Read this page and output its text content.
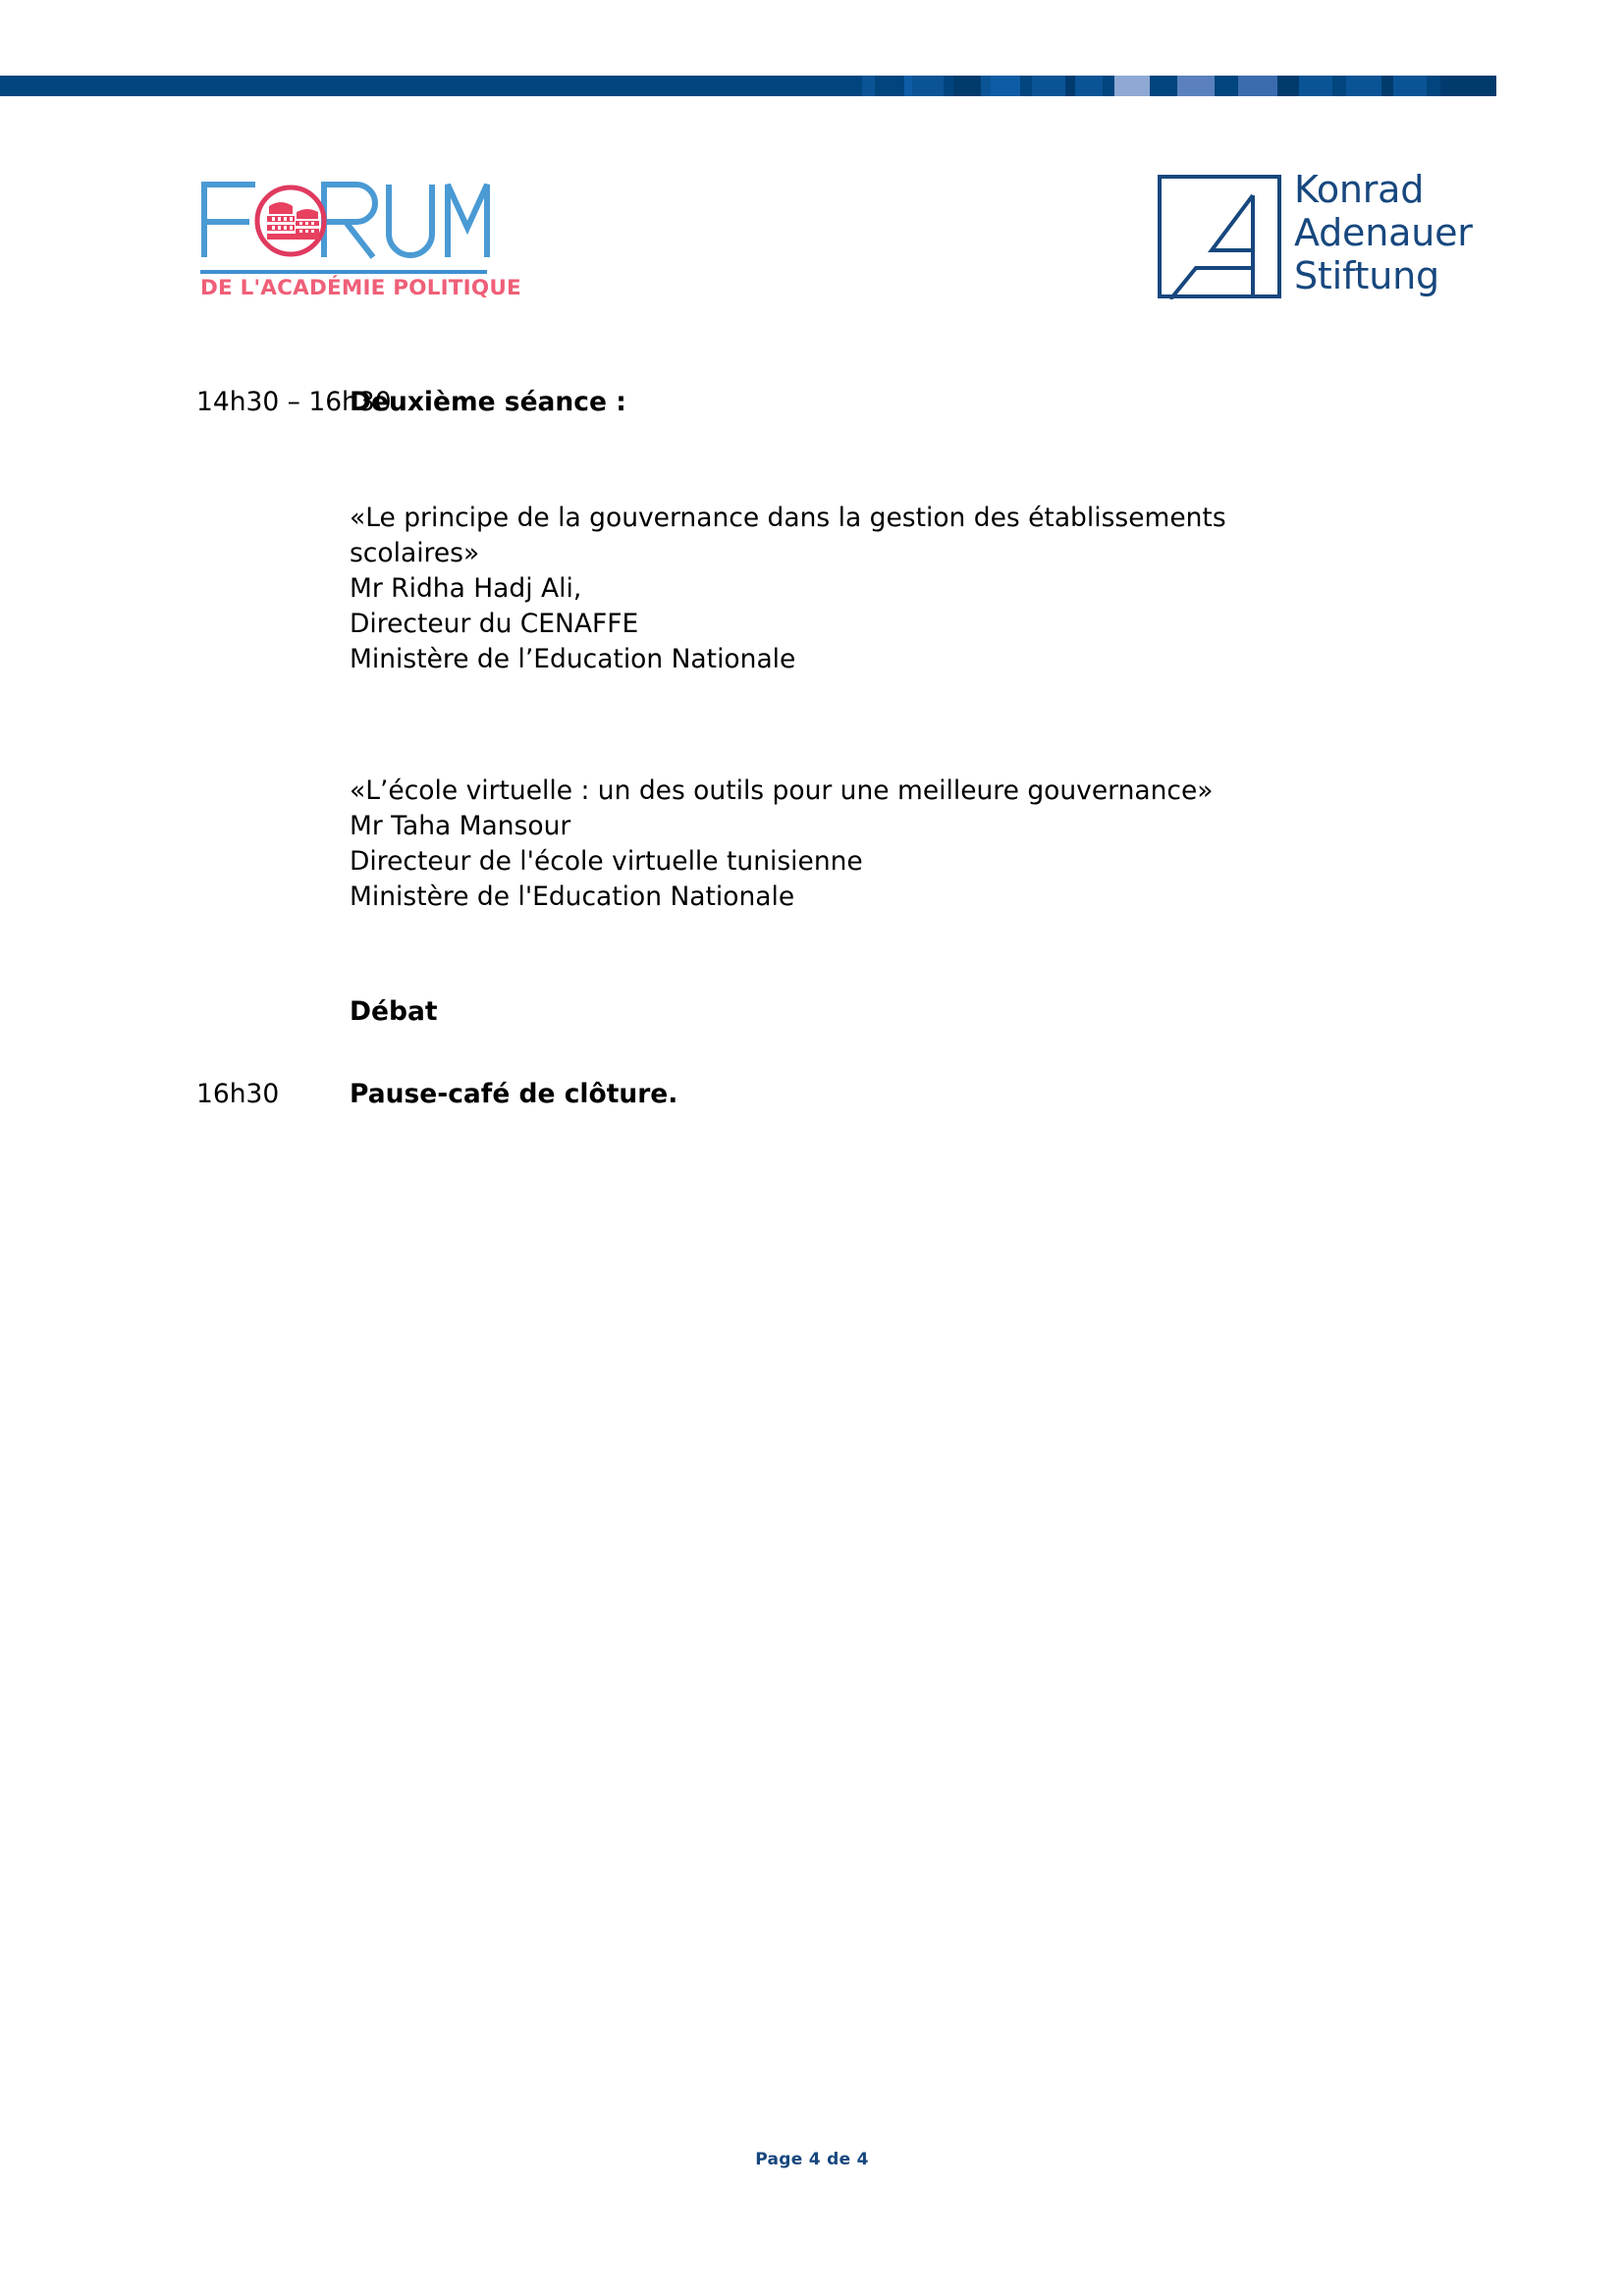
DE L'ACADÉMIE POLITIQUE
Konrad
Adenauer
Stiftung
14h30 – 16h30
Deuxième séance :
«Le principe de la gouvernance dans la gestion des établissements scolaires»
Mr Ridha Hadj Ali,
Directeur du CENAFFE
Ministère de l’Education Nationale
«L’école virtuelle : un des outils pour une meilleure gouvernance»
Mr Taha Mansour
Directeur de l'école virtuelle tunisienne
Ministère de l'Education Nationale
Débat
16h30	Pause-café de clôture.
Page 4 de 4
